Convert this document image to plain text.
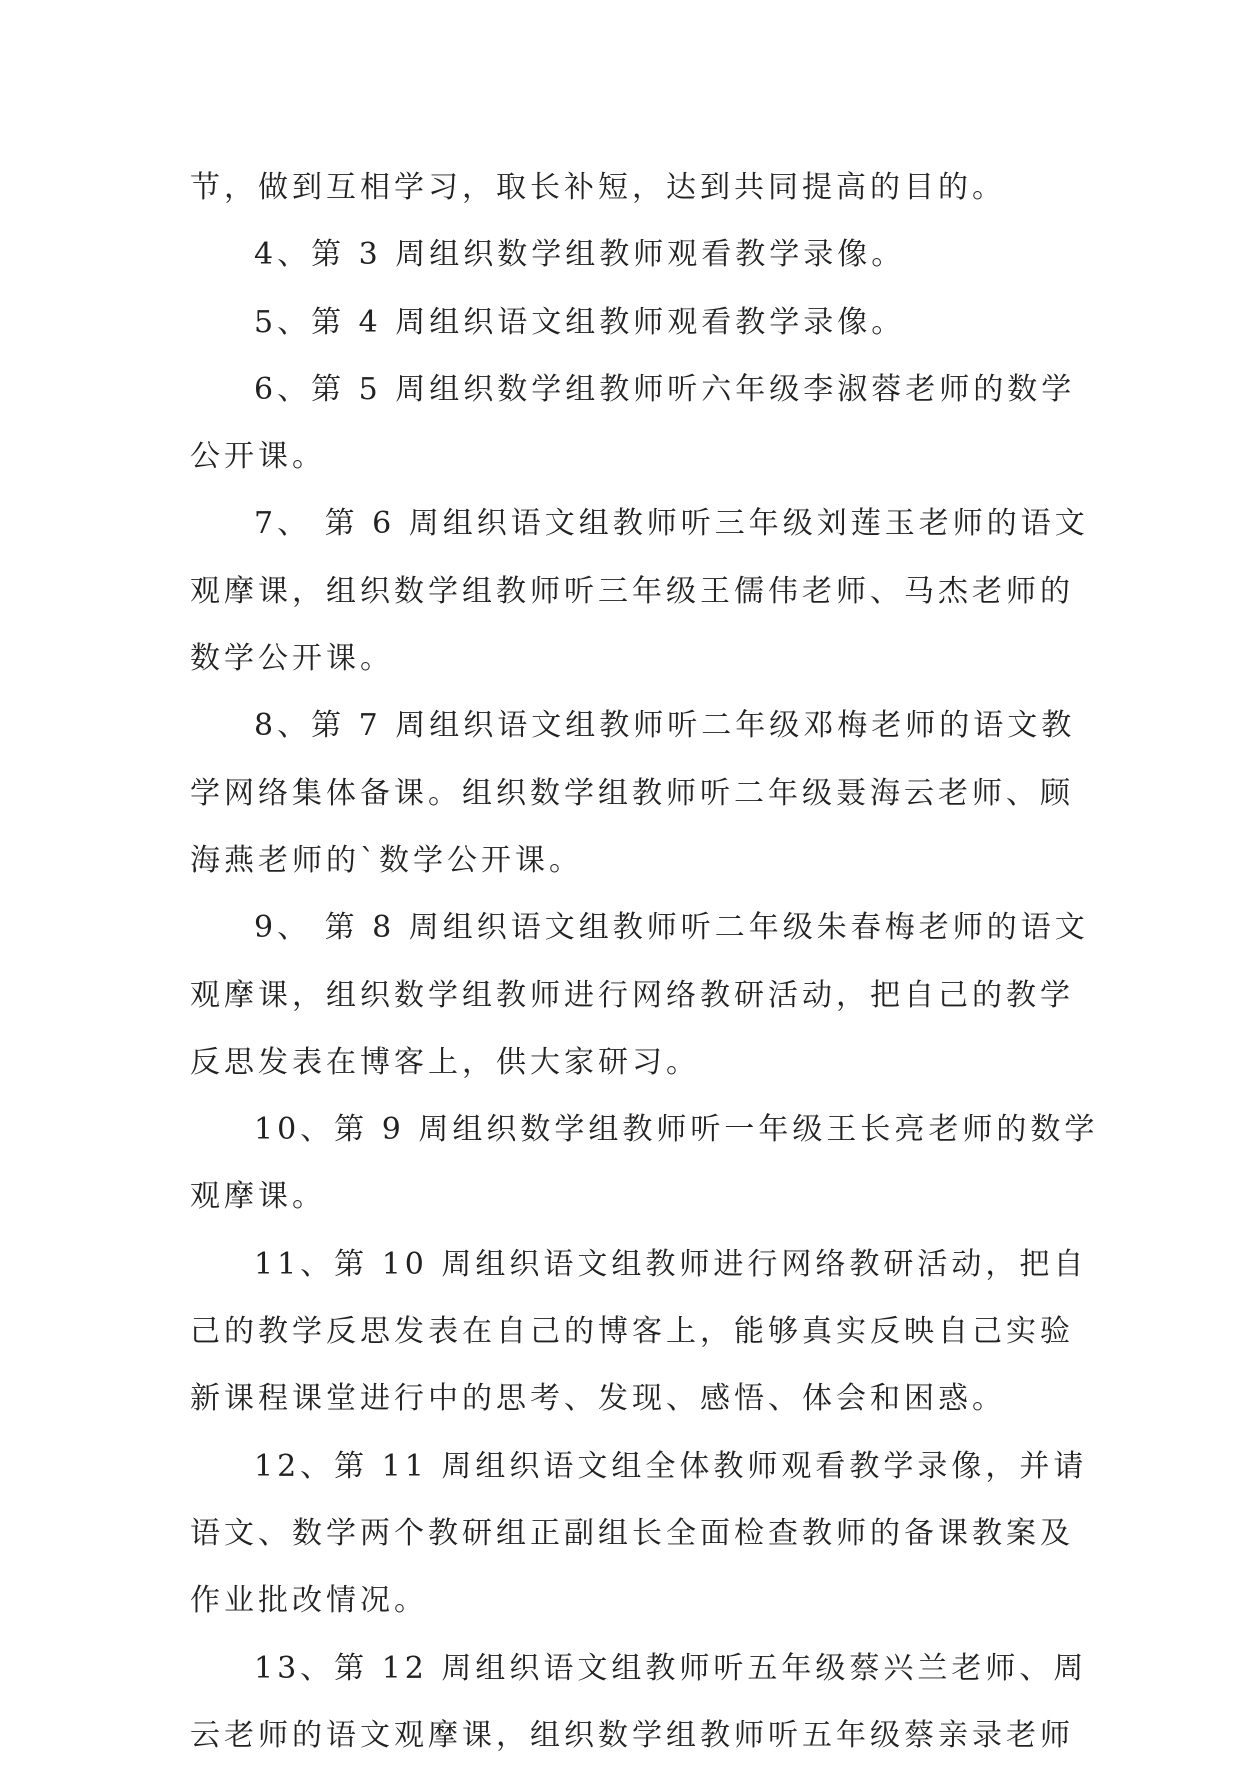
节，做到互相学习，取长补短，达到共同提高的目的。
4、第 3 周组织数学组教师观看教学录像。
5、第 4 周组织语文组教师观看教学录像。
6、第 5 周组织数学组教师听六年级李淑蓉老师的数学
公开课。
7、 第 6 周组织语文组教师听三年级刘莲玉老师的语文
观摩课，组织数学组教师听三年级王儒伟老师、马杰老师的
数学公开课。
8、第 7 周组织语文组教师听二年级邓梅老师的语文教
学网络集体备课。组织数学组教师听二年级聂海云老师、顾
海燕老师的`数学公开课。
9、 第 8 周组织语文组教师听二年级朱春梅老师的语文
观摩课，组织数学组教师进行网络教研活动，把自己的教学
反思发表在博客上，供大家研习。
10、第 9 周组织数学组教师听一年级王长亮老师的数学
观摩课。
11、第 10 周组织语文组教师进行网络教研活动，把自
己的教学反思发表在自己的博客上，能够真实反映自己实验
新课程课堂进行中的思考、发现、感悟、体会和困惑。
12、第 11 周组织语文组全体教师观看教学录像，并请
语文、数学两个教研组正副组长全面检查教师的备课教案及
作业批改情况。
13、第 12 周组织语文组教师听五年级蔡兴兰老师、周
云老师的语文观摩课，组织数学组教师听五年级蔡亲录老师
